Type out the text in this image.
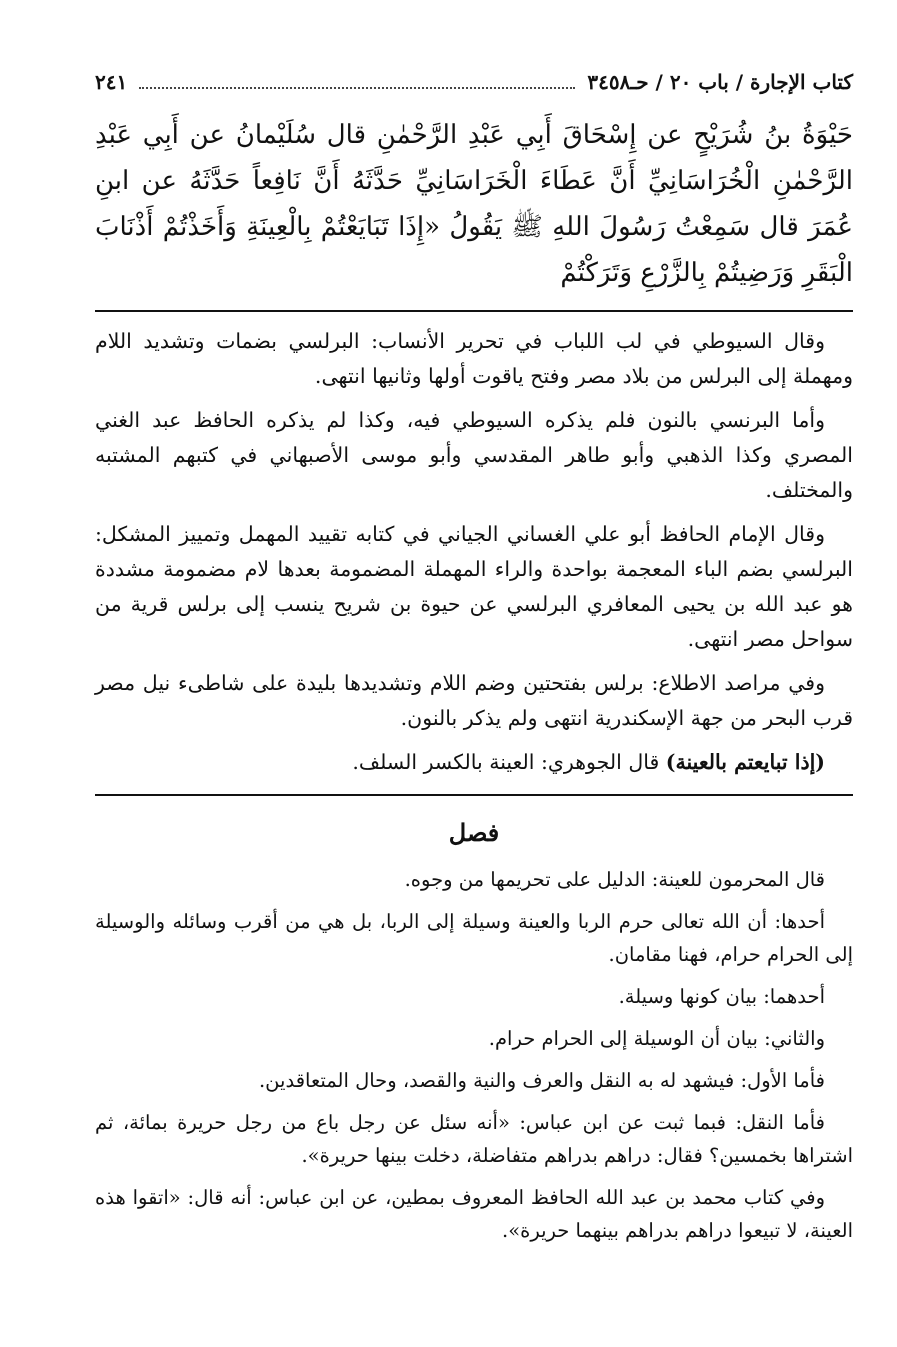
كتاب الإجارة / باب ٢٠ / حـ٣٤٥٨
٢٤١

حَيْوَةُ بنُ شُرَيْحٍ عن إِسْحَاقَ أَبِي عَبْدِ الرَّحْمٰنِ قال سُلَيْمانُ عن أَبِي عَبْدِ الرَّحْمٰنِ الْخُرَاسَانِيِّ أَنَّ عَطَاءَ الْخَرَاسَانِيِّ حَدَّثَهُ أَنَّ نَافِعاً حَدَّثَهُ عن ابنِ عُمَرَ قال سَمِعْتُ رَسُولَ اللهِ ﷺ يَقُولُ «إِذَا تَبَايَعْتُمْ بِالْعِينَةِ وَأَخَذْتُمْ أَذْنَابَ الْبَقَرِ وَرَضِيتُمْ بِالزَّرْعِ وَتَرَكْتُمْ

وقال السيوطي في لب اللباب في تحرير الأنساب: البرلسي بضمات وتشديد اللام ومهملة إلى البرلس من بلاد مصر وفتح ياقوت أولها وثانيها انتهى.

وأما البرنسي بالنون فلم يذكره السيوطي فيه، وكذا لم يذكره الحافظ عبد الغني المصري وكذا الذهبي وأبو طاهر المقدسي وأبو موسى الأصبهاني في كتبهم المشتبه والمختلف.

وقال الإمام الحافظ أبو علي الغساني الجياني في كتابه تقييد المهمل وتمييز المشكل: البرلسي بضم الباء المعجمة بواحدة والراء المهملة المضمومة بعدها لام مضمومة مشددة هو عبد الله بن يحيى المعافري البرلسي عن حيوة بن شريح ينسب إلى برلس قرية من سواحل مصر انتهى.

وفي مراصد الاطلاع: برلس بفتحتين وضم اللام وتشديدها بليدة على شاطىء نيل مصر قرب البحر من جهة الإسكندرية انتهى ولم يذكر بالنون.

(إذا تبايعتم بالعينة) قال الجوهري: العينة بالكسر السلف.

فصل

قال المحرمون للعينة: الدليل على تحريمها من وجوه.

أحدها: أن الله تعالى حرم الربا والعينة وسيلة إلى الربا، بل هي من أقرب وسائله والوسيلة إلى الحرام حرام، فهنا مقامان.

أحدهما: بيان كونها وسيلة.

والثاني: بيان أن الوسيلة إلى الحرام حرام.

فأما الأول: فيشهد له به النقل والعرف والنية والقصد، وحال المتعاقدين.

فأما النقل: فبما ثبت عن ابن عباس: «أنه سئل عن رجل باع من رجل حريرة بمائة، ثم اشتراها بخمسين؟ فقال: دراهم بدراهم متفاضلة، دخلت بينها حريرة».

وفي كتاب محمد بن عبد الله الحافظ المعروف بمطين، عن ابن عباس: أنه قال: «اتقوا هذه العينة، لا تبيعوا دراهم بدراهم بينهما حريرة».
